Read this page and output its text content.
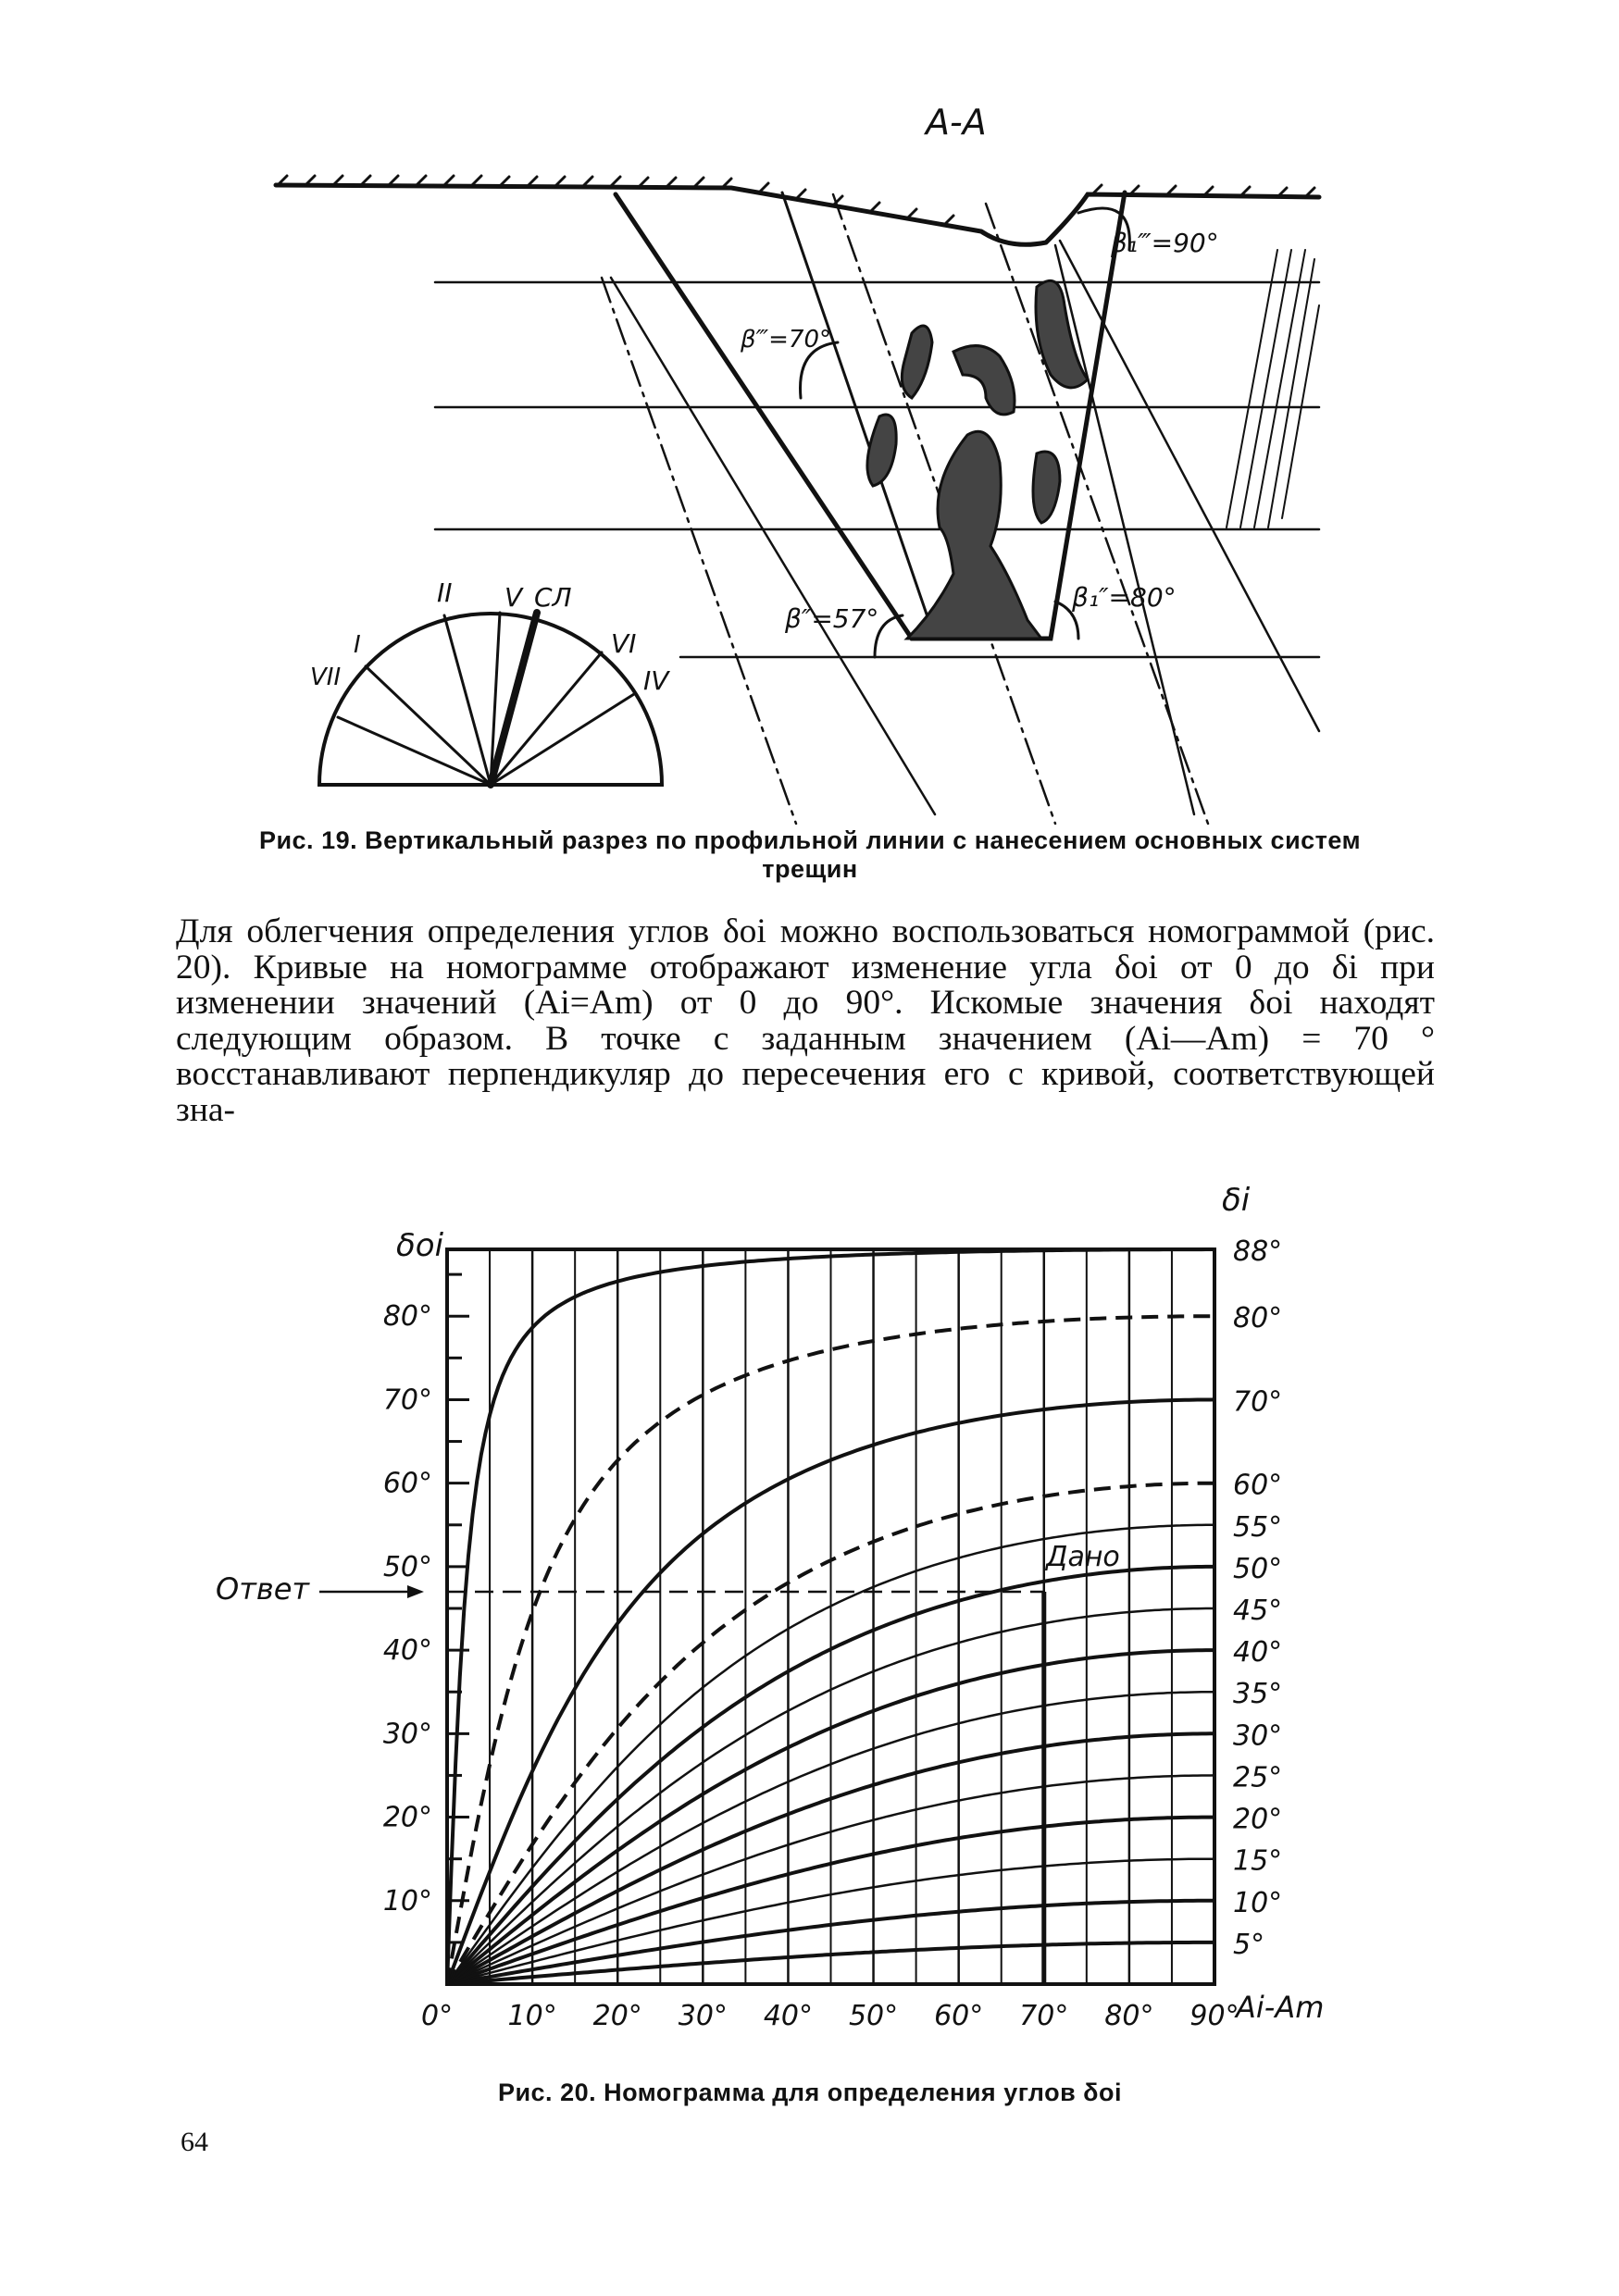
β‴=70°
β₁‴=90°
β″=57°
β₁″=80°
VII
I
II V СЛ
VI
IV
А-А
Рис. 19. Вертикальный разрез по профильной линии с нанесением основных систем
трещин

Для облегчения определения углов δoi можно воспользоваться номограммой (рис. 20). Кривые на номограмме отображают изменение угла δoi от 0 до δi при изменении значений (Ai=Am) от 0 до 90°. Искомые значения δoi находят следующим образом. В точке с заданным значением (Ai—Am) = 70 ° восстанавливают перпендикуляр до пересечения его с кривой, соответствующей зна-

0° 10° 20° 30° 40° 50° 60° 70° 80° 90°
10°
20°
30°
40°
50°
60°
70°
80°
5°
10°
15°
20°
25°
30°
35°
40°
45°
50°
55°
60°
70°
80°
88°
δoi
δi
Ai-Am
Дано
Ответ
Рис. 20. Номограмма для определения углов δoi
64
